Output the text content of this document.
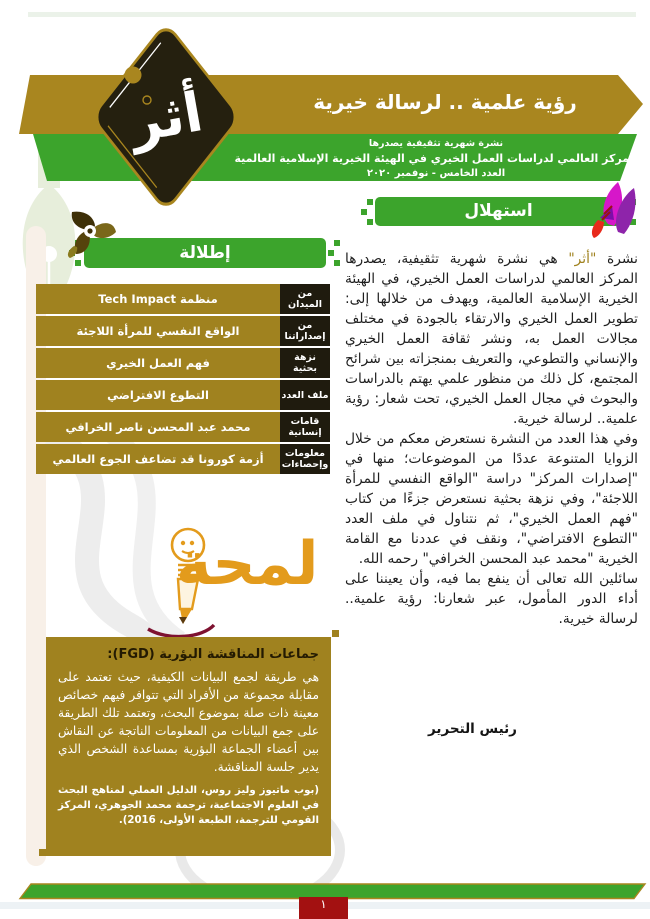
رؤية علمية .. لرسالة خيرية
نشرة شهرية تثقيفية يصدرها
المركز العالمي لدراسات العمل الخيري في الهيئة الخيرية الإسلامية العالمية
العدد الخامس - نوفمبر ٢٠٢٠
أثر
استهلال

نشرة "أثر" هي نشرة شهرية تثقيفية، يصدرها المركز العالمي لدراسات العمل الخيري، في الهيئة الخيرية الإسلامية العالمية، ويهدف من خلالها إلى: تطوير العمل الخيري والارتقاء بالجودة في مختلف مجالات العمل به، ونشر ثقافة العمل الخيري والإنساني والتطوعي، والتعريف بمنجزاته بين شرائح المجتمع، كل ذلك من منظور علمي يهتم بالدراسات والبحوث في مجال العمل الخيري، تحت شعار: رؤية علمية.. لرسالة خيرية.

وفي هذا العدد من النشرة نستعرض معكم من خلال الزوايا المتنوعة عددًا من الموضوعات؛ منها في "إصدارات المركز" دراسة "الواقع النفسي للمرأة اللاجئة"، وفي نزهة بحثية نستعرض جزءًا من كتاب "فهم العمل الخيري"، ثم نتناول في ملف العدد "التطوع الافتراضي"، ونقف في عددنا مع القامة الخيرية "محمد عبد المحسن الخرافي" رحمه الله.

سائلين الله تعالى أن ينفع بما فيه، وأن يعيننا على أداء الدور المأمول، عبر شعارنا: رؤية علمية.. لرسالة خيرية.

رئيس التحرير
إطلالة
من الميدان
منظمة Tech Impact
من إصداراتنا
الواقع النفسي للمرأة اللاجئة
نزهة بحثية
فهم العمل الخيري
ملف العدد
التطوع الافتراضي
قامات إنسانية
محمد عبد المحسن ناصر الخرافي
معلومات وإحصاءات
أزمة كورونا قد تضاعف الجوع العالمي
لمحة
جماعات المناقشة البؤرية (FGD):
هي طريقة لجمع البيانات الكيفية، حيث تعتمد على مقابلة مجموعة من الأفراد التي تتوافر فيهم خصائص معينة ذات صلة بموضوع البحث، وتعتمد تلك الطريقة على جمع البيانات من المعلومات الناتجة عن النقاش بين أعضاء الجماعة البؤرية بمساعدة الشخص الذي يدير جلسة المناقشة.
(بوب ماتيوز وليز روس، الدليل العملي لمناهج البحث في العلوم الاجتماعية، ترجمة محمد الجوهري، المركز القومي للترجمة، الطبعة الأولى، 2016).
١
